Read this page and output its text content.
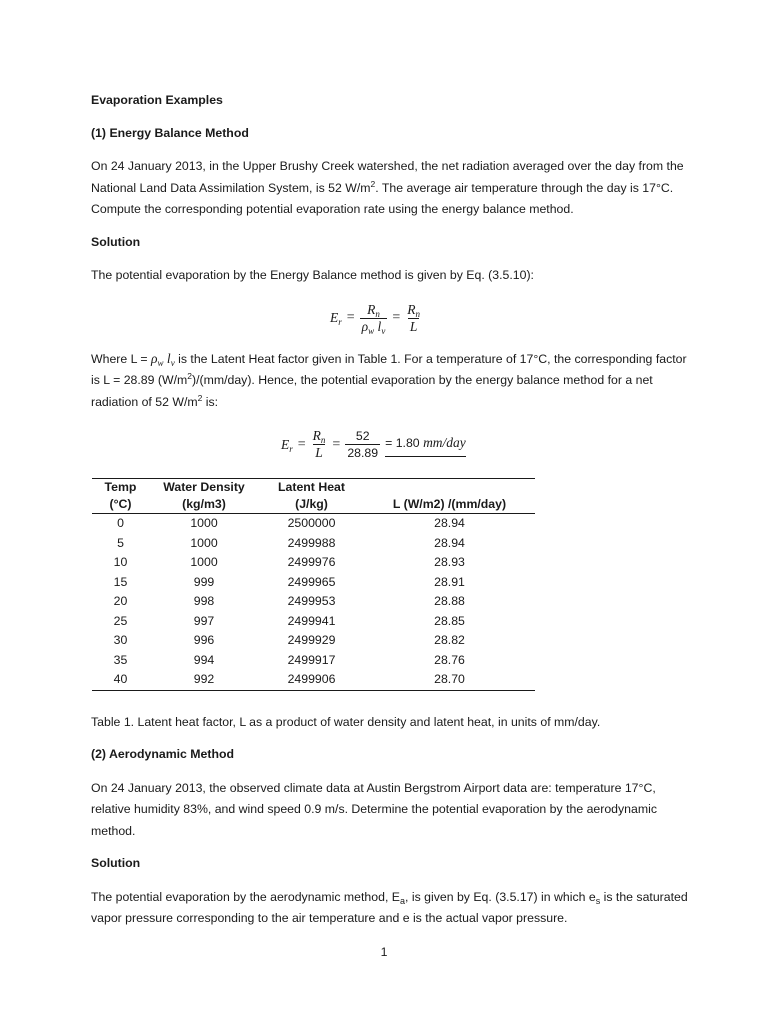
Evaporation Examples

(1) Energy Balance Method

On 24 January 2013, in the Upper Brushy Creek watershed, the net radiation averaged over the day from the National Land Data Assimilation System, is 52 $W/m^2$. The average air temperature through the day is 17°C. Compute the corresponding potential evaporation rate using the energy balance method.

Solution

The potential evaporation by the Energy Balance method is given by Eq. (3.5.10):

$E_r = \frac{R_n}{\rho_w l_v} = \frac{R_n}{L}$

Where $L = \rho_w$ $l_v$ is the Latent Heat factor given in Table 1. For a temperature of 17°C, the corresponding factor is L = 28.89 $(W/m^2)/(mm/day)$. Hence, the potential evaporation by the energy balance method for a net radiation of 52 $W/m^2$ is:

$E_r = \frac{R_n}{L} = \frac{52}{28.89} = 1.80$ mm/day
Temp	Water Density	Latent Heat	
(°C)	(kg/m3)	(J/kg)	L (W/m2) /(mm/day)
0	1000	2500000	28.94
5	1000	2499988	28.94
10	1000	2499976	28.93
15	999	2499965	28.91
20	998	2499953	28.88
25	997	2499941	28.85
30	996	2499929	28.82
35	994	2499917	28.76
40	992	2499906	28.70

Table 1. Latent heat factor, L as a product of water density and latent heat, in units of mm/day.

(2) Aerodynamic Method

On 24 January 2013, the observed climate data at Austin Bergstrom Airport data are: temperature 17°C, relative humidity 83%, and wind speed 0.9 m/s. Determine the potential evaporation by the aerodynamic method.

Solution

The potential evaporation by the aerodynamic method, $E_a$, is given by Eq. (3.5.17) in which $e_s$ is the saturated vapor pressure corresponding to the air temperature and e is the actual vapor pressure.

1
